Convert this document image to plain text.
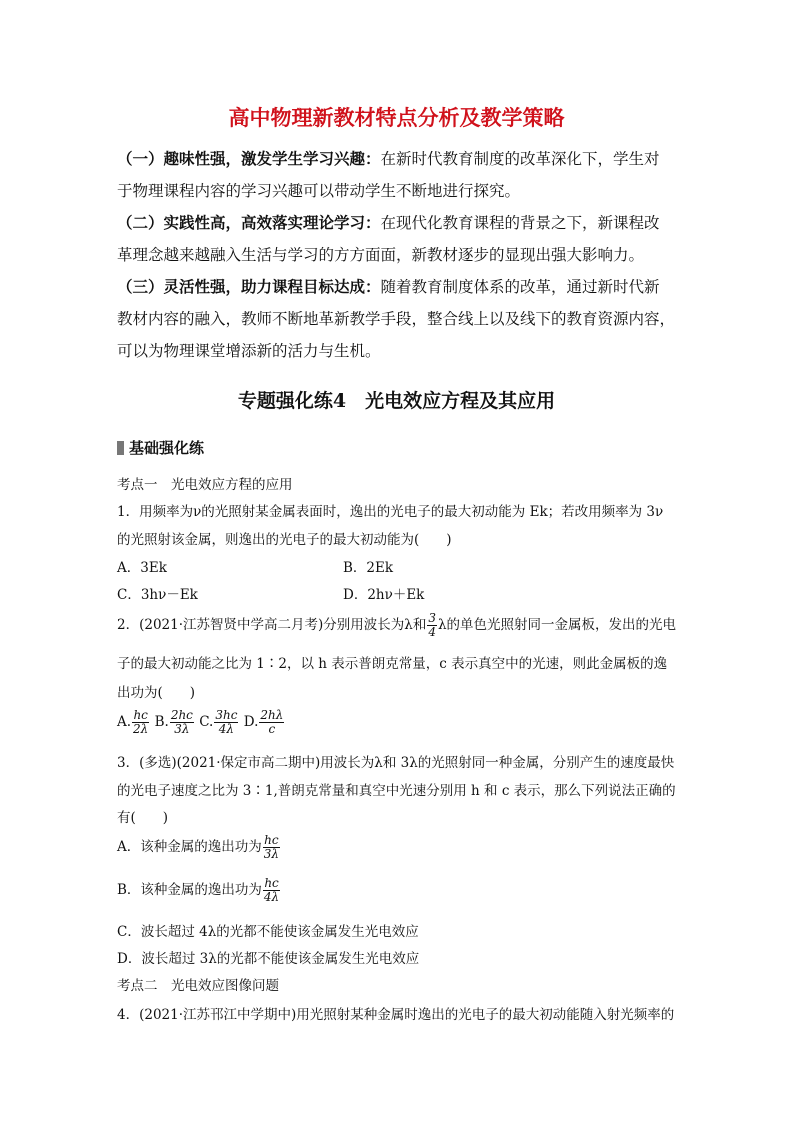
高中物理新教材特点分析及教学策略
（一）趣味性强，激发学生学习兴趣：在新时代教育制度的改革深化下，学生对
于物理课程内容的学习兴趣可以带动学生不断地进行探究。
（二）实践性高，高效落实理论学习：在现代化教育课程的背景之下，新课程改
革理念越来越融入生活与学习的方方面面，新教材逐步的显现出强大影响力。
（三）灵活性强，助力课程目标达成：随着教育制度体系的改革，通过新时代新
教材内容的融入，教师不断地革新教学手段，整合线上以及线下的教育资源内容，
可以为物理课堂增添新的活力与生机。
专题强化练4　光电效应方程及其应用
基础强化练
考点一　光电效应方程的应用
1．用频率为ν的光照射某金属表面时，逸出的光电子的最大初动能为 Ek；若改用频率为 3ν
的光照射该金属，则逸出的光电子的最大初动能为(　　)
A．3Ek	B．2Ek
C．3hν－Ek	D．2hν＋Ek
2．(2021·江苏智贤中学高二月考)分别用波长为λ和 $\frac{3}{4}$ λ的单色光照射同一金属板，发出的光电
子的最大初动能之比为 1∶2，以 h 表示普朗克常量，c 表示真空中的光速，则此金属板的逸
出功为(　　)
A. $\frac{hc}{2\lambda} B$. $\frac{2hc}{3\lambda} C$. $\frac{3hc}{4\lambda} D$. $\frac{2h\lambda}{c}$
3．(多选)(2021·保定市高二期中)用波长为λ和 3λ的光照射同一种金属，分别产生的速度最快
的光电子速度之比为 3∶1,普朗克常量和真空中光速分别用 h 和 c 表示，那么下列说法正确的
有(　　)
A．该种金属的逸出功为 $\frac{hc}{3\lambda}$
B．该种金属的逸出功为 $\frac{hc}{4\lambda}$
C．波长超过 4λ的光都不能使该金属发生光电效应
D．波长超过 3λ的光都不能使该金属发生光电效应
考点二　光电效应图像问题
4．(2021·江苏邗江中学期中)用光照射某种金属时逸出的光电子的最大初动能随入射光频率的
